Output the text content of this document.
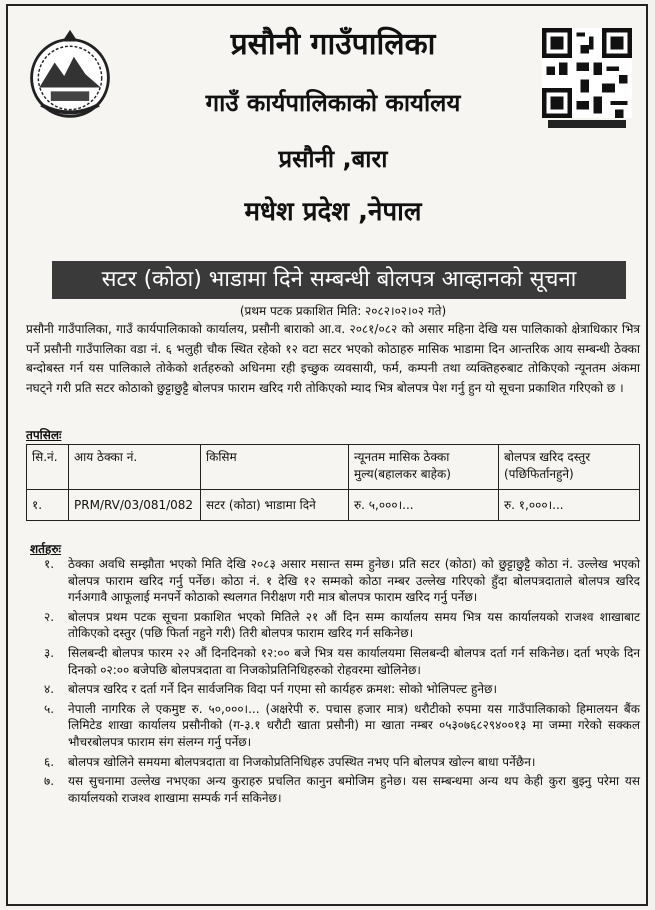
प्रसौनी गाउँपालिका
गाउँ कार्यपालिकाको कार्यालय
प्रसौनी ,बारा
मधेश प्रदेश ,नेपाल
सटर (कोठा) भाडामा दिने सम्बन्धी बोलपत्र आव्हानको सूचना
(प्रथम पटक प्रकाशित मिति: २०८२।०२।०२ गते)

प्रसौनी गाउँपालिका, गाउँ कार्यपालिकाको कार्यालय, प्रसौनी बाराको आ.व. २०८१/०८२ को असार महिना देखि यस पालिकाको क्षेत्राधिकार भित्र पर्ने प्रसौनी गाउँपालिका वडा नं. ६ भलुही चौक स्थित रहेको १२ वटा सटर भएको कोठाहरु मासिक भाडामा दिन आन्तरिक आय सम्बन्धी ठेक्का बन्दोबस्त गर्न यस पालिकाले तोकेको शर्तहरुको अधिनमा रही इच्छुक व्यवसायी, फर्म, कम्पनी तथा व्यक्तिहरुबाट तोकिएको न्यूनतम अंकमा नघट्ने गरी प्रति सटर कोठाको छुट्टाछुट्टै बोलपत्र फाराम खरिद गरी तोकिएको म्याद भित्र बोलपत्र पेश गर्नु हुन यो सूचना प्रकाशित गरिएको छ ।

तपसिलः
सि.नं.	आय ठेक्का नं.	किसिम	न्यूनतम मासिक ठेक्का मुल्य(बहालकर बाहेक)	बोलपत्र खरिद दस्तुर (पछिफिर्तानहुने)
१.	PRM/RV/03/081/082	सटर (कोठा) भाडामा दिने	रु. ५,०००।...	रु. १,०००।...
शर्तहरुः
१. ठेक्का अवधि सम्झौता भएको मिति देखि २०८३ असार मसान्त सम्म हुनेछ। प्रति सटर (कोठा) को छुट्टाछुट्टै कोठा नं. उल्लेख भएको बोलपत्र फाराम खरिद गर्नु पर्नेछ। कोठा नं. १ देखि १२ सम्मको कोठा नम्बर उल्लेख गरिएको हुँदा बोलपत्रदाताले बोलपत्र खरिद गर्नअगावै आफूलाई मनपर्ने कोठाको स्थलगत निरीक्षण गरी मात्र बोलपत्र फाराम खरिद गर्नु पर्नेछ।
२. बोलपत्र प्रथम पटक सूचना प्रकाशित भएको मितिले २१ औं दिन सम्म कार्यालय समय भित्र यस कार्यालयको राजश्व शाखाबाट तोकिएको दस्तुर (पछि फिर्ता नहुने गरी) तिरी बोलपत्र फाराम खरिद गर्न सकिनेछ।
३. सिलबन्दी बोलपत्र फारम २२ औं दिनदिनको १२:०० बजे भित्र यस कार्यालयमा सिलबन्दी बोलपत्र दर्ता गर्न सकिनेछ। दर्ता भएके दिन दिनको ०२:०० बजेपछि बोलपत्रदाता वा निजकोप्रतिनिधिहरुको रोहवरमा खोलिनेछ।
४. बोलपत्र खरिद र दर्ता गर्ने दिन सार्वजनिक विदा पर्न गएमा सो कार्यहरु क्रमश: सोको भोलिपल्ट हुनेछ।
५. नेपाली नागरिक ले एकमुष्ट रु. ५०,०००।... (अक्षरेपी रु. पचास हजार मात्र) धरौटीको रुपमा यस गाउँपालिकाको हिमालयन बैंक लिमिटेड शाखा कार्यालय प्रसौनीको (ग-३.१ धरौटी खाता प्रसौनी) मा खाता नम्बर ०५३०७६८२९४००१३ मा जम्मा गरेको सक्कल भौचरबोलपत्र फाराम संग संलग्न गर्नु पर्नेछ।
६. बोलपत्र खोलिने समयमा बोलपत्रदाता वा निजकोप्रतिनिधिहरु उपस्थित नभए पनि बोलपत्र खोल्न बाधा पर्नेछैन।
७. यस सुचनामा उल्लेख नभएका अन्य कुराहरु प्रचलित कानुन बमोजिम हुनेछ। यस सम्बन्धमा अन्य थप केही कुरा बुझ्नु परेमा यस कार्यालयको राजश्व शाखामा सम्पर्क गर्न सकिनेछ।
